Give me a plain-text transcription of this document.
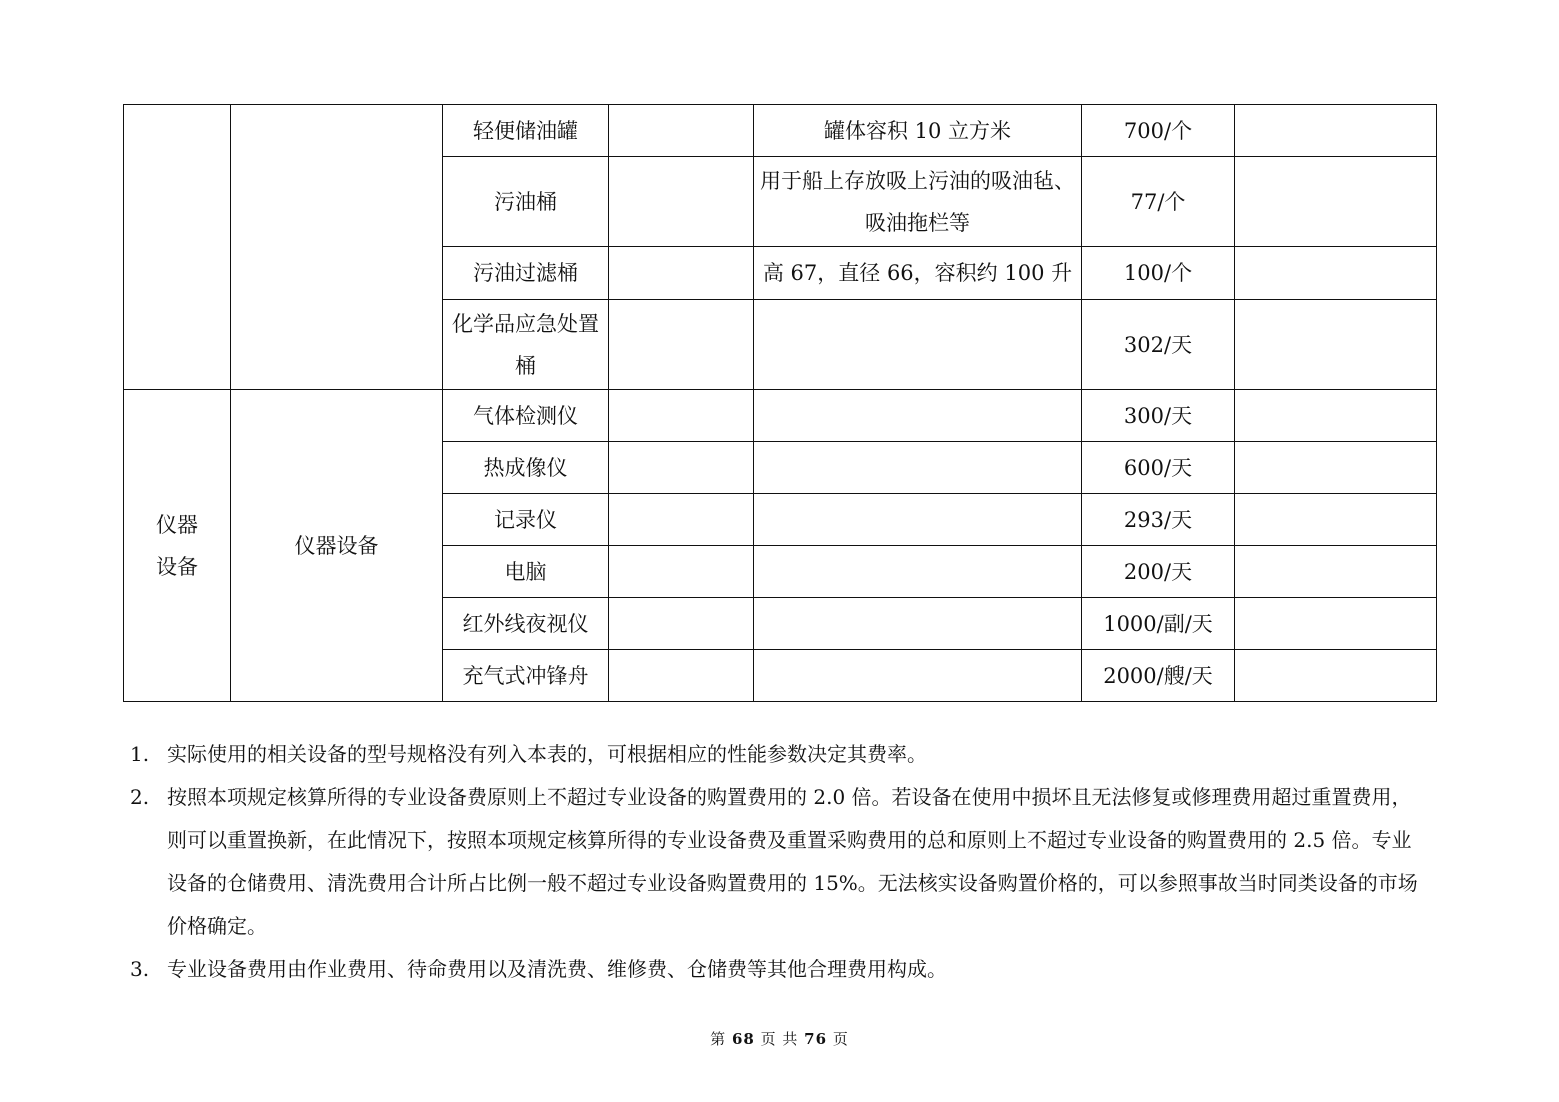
		轻便储油罐		罐体容积 10 立方米	700/个	
		污油桶		用于船上存放吸上污油的吸油毡、吸油拖栏等	77/个	
		污油过滤桶		高 67，直径 66，容积约 100 升	100/个	
		化学品应急处置桶			302/天	
仪器设备	仪器设备	气体检测仪			300/天	
		热成像仪			600/天	
		记录仪			293/天	
		电脑			200/天	
		红外线夜视仪			1000/副/天	
		充气式冲锋舟			2000/艘/天	
1. 实际使用的相关设备的型号规格没有列入本表的，可根据相应的性能参数决定其费率。
2. 按照本项规定核算所得的专业设备费原则上不超过专业设备的购置费用的 2.0 倍。若设备在使用中损坏且无法修复或修理费用超过重置费用，则可以重置换新，在此情况下，按照本项规定核算所得的专业设备费及重置采购费用的总和原则上不超过专业设备的购置费用的 2.5 倍。专业设备的仓储费用、清洗费用合计所占比例一般不超过专业设备购置费用的 15%。无法核实设备购置价格的，可以参照事故当时同类设备的市场价格确定。
3. 专业设备费用由作业费用、待命费用以及清洗费、维修费、仓储费等其他合理费用构成。
第 68 页 共 76 页
